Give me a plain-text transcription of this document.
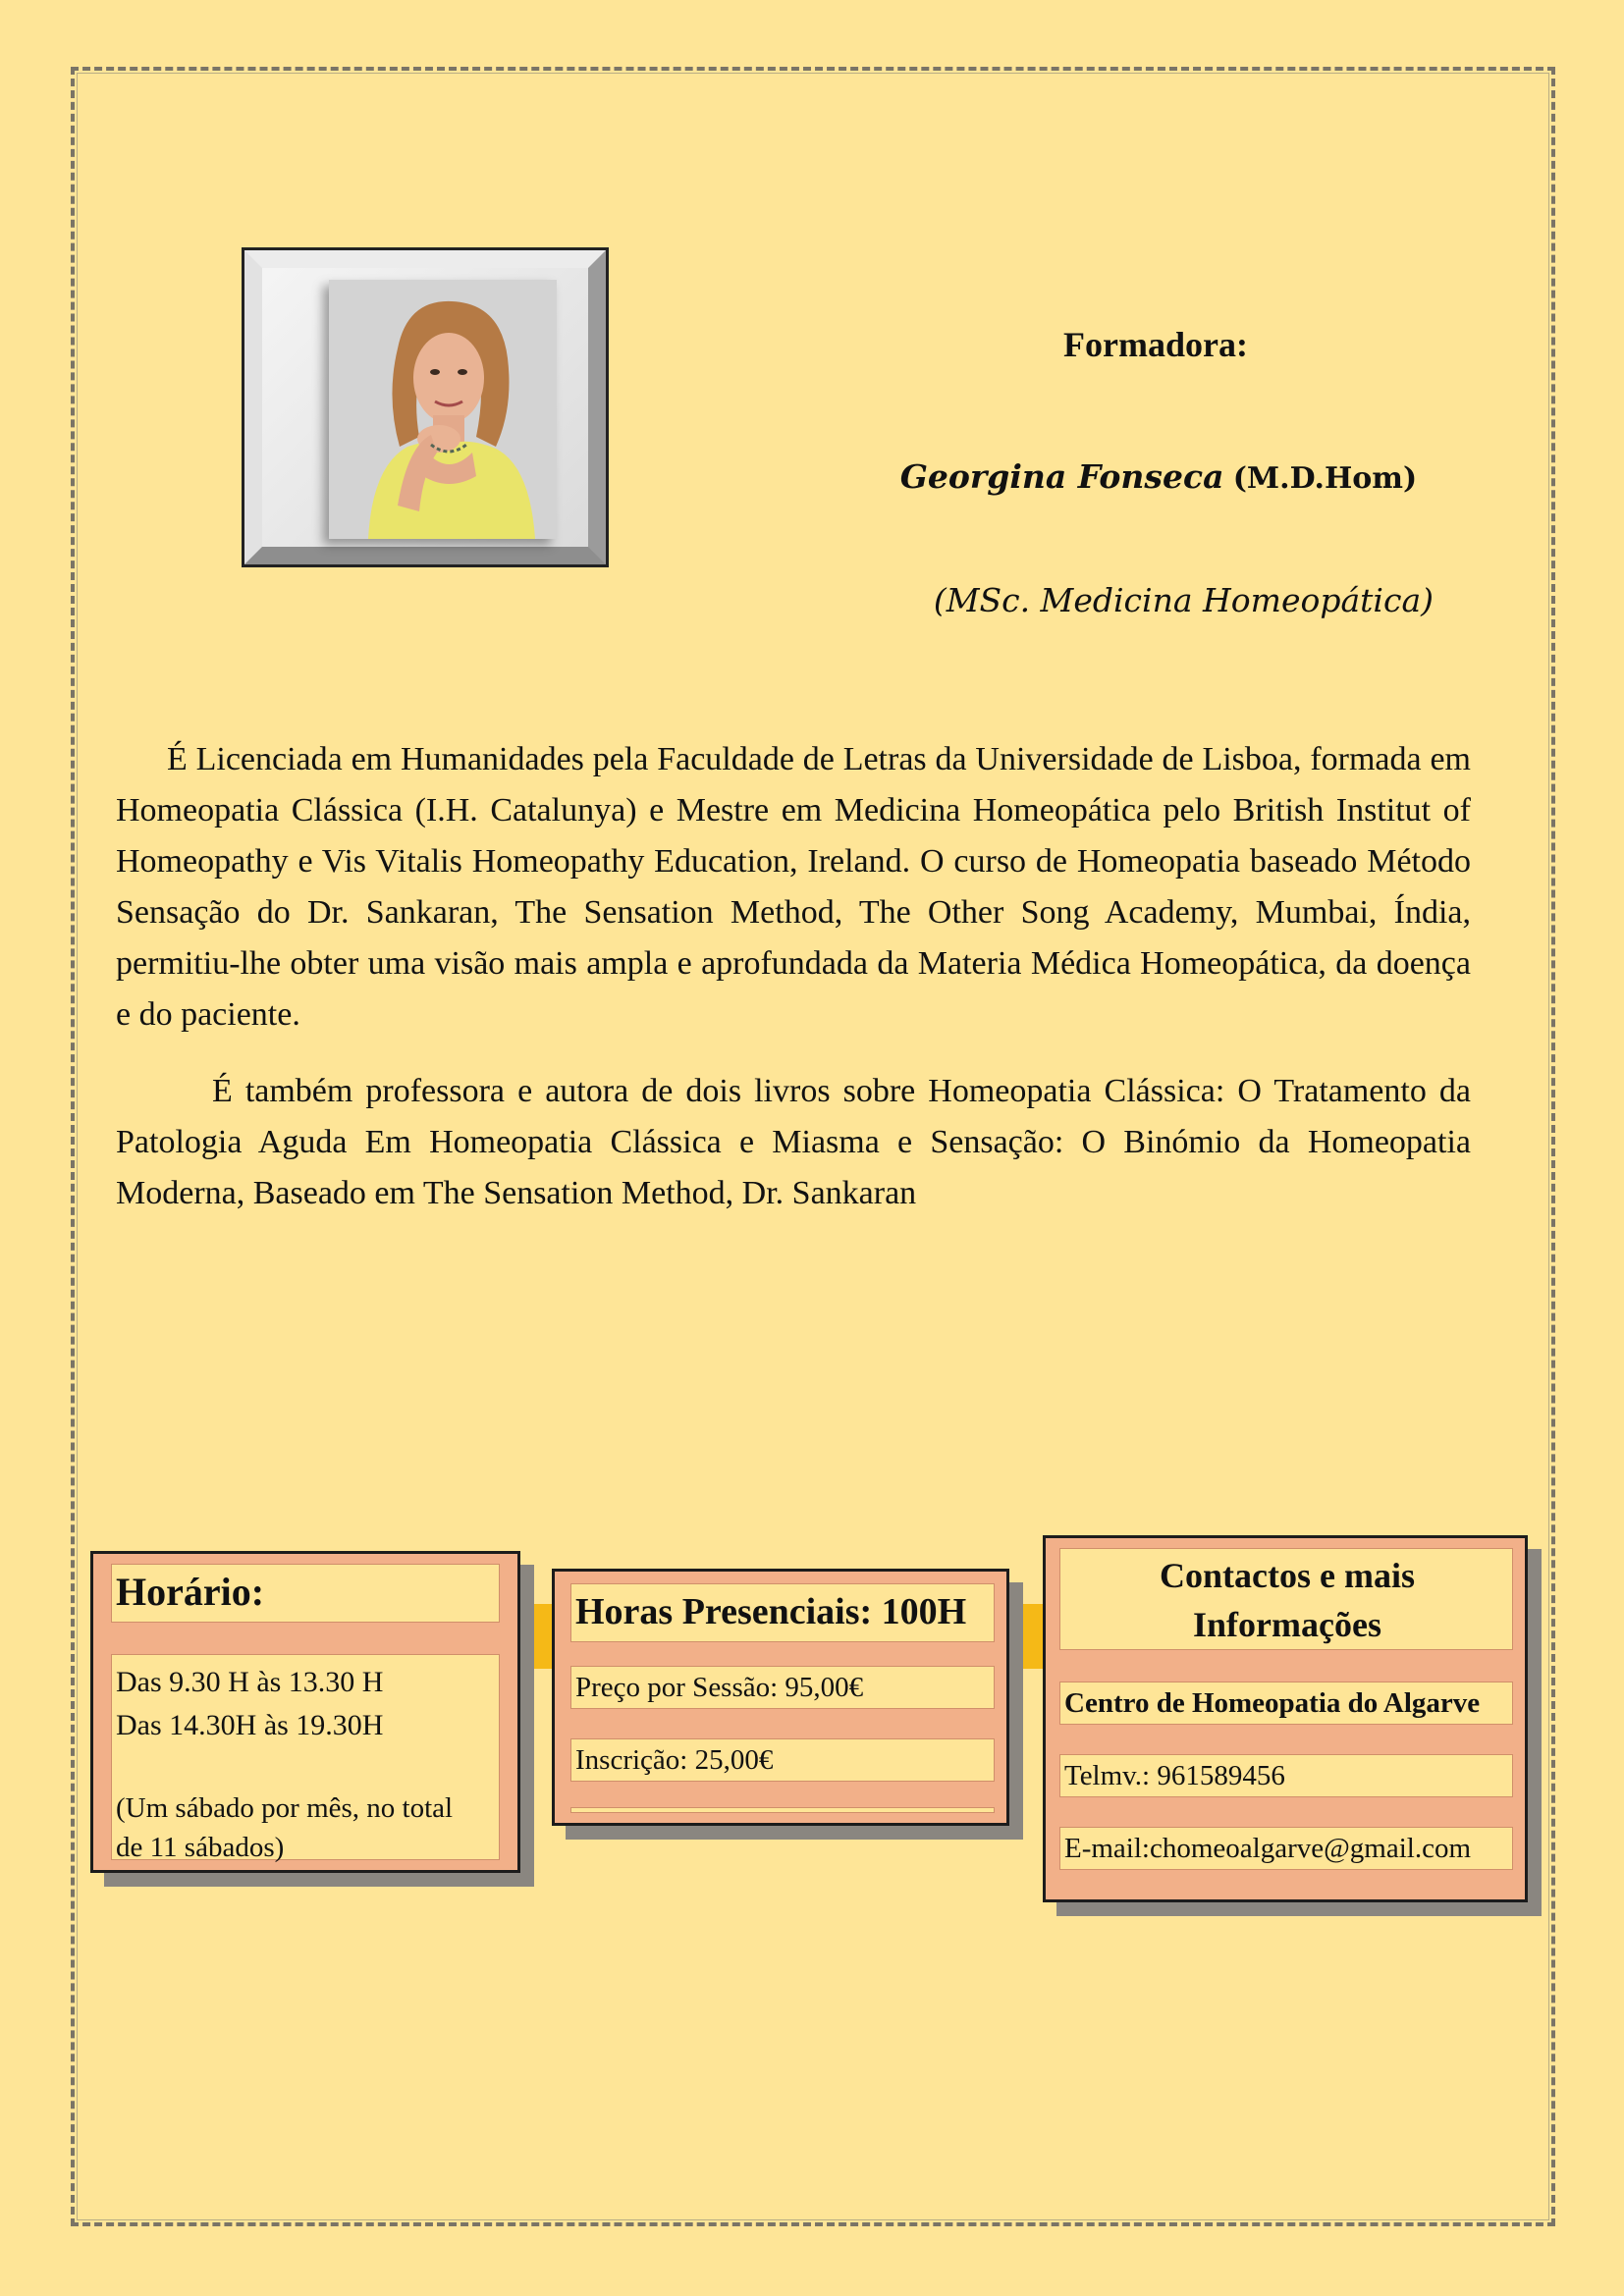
Formadora:
Georgina Fonseca (M.D.Hom)
(MSc. Medicina Homeopática)

É Licenciada em Humanidades pela Faculdade de Letras da Universidade de Lisboa, formada em Homeopatia Clássica (I.H. Catalunya) e Mestre em Medicina Homeopática pelo British Institut of Homeopathy e Vis Vitalis Homeopathy Education, Ireland. O curso de Homeopatia baseado Método Sensação do Dr. Sankaran, The Sensation Method, The Other Song Academy, Mumbai, Índia, permitiu-lhe obter uma visão mais ampla e aprofundada da Materia Médica Homeopática, da doença e do paciente.

É também professora e autora de dois livros sobre Homeopatia Clássica: O Tratamento da Patologia Aguda Em Homeopatia Clássica e Miasma e Sensação: O Binómio da Homeopatia Moderna, Baseado em The Sensation Method, Dr. Sankaran

Horário:
Das 9.30 H às 13.30 H
Das 14.30H às 19.30H
(Um sábado por mês, no total
de 11 sábados)
Horas Presenciais: 100H
Preço por Sessão: 95,00€
Inscrição: 25,00€
Contactos e mais
Informações
Centro de Homeopatia do Algarve
Telmv.: 961589456
E-mail:chomeoalgarve@gmail.com
